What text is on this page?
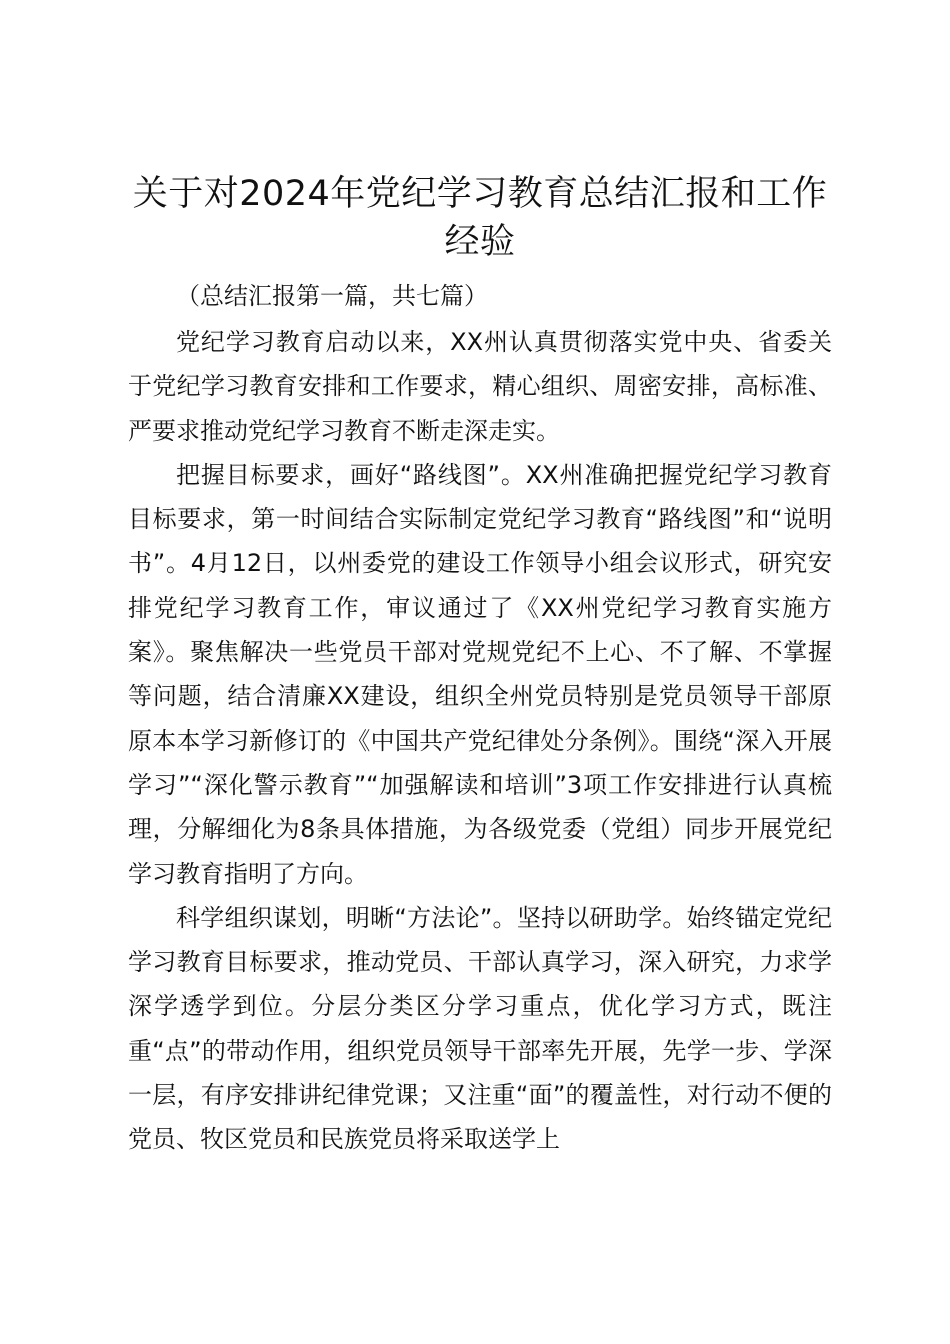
关于对2024年党纪学习教育总结汇报和工作经验

（总结汇报第一篇，共七篇）

党纪学习教育启动以来，XX州认真贯彻落实党中央、省委关于党纪学习教育安排和工作要求，精心组织、周密安排，高标准、严要求推动党纪学习教育不断走深走实。

把握目标要求，画好“路线图”。XX州准确把握党纪学习教育目标要求，第一时间结合实际制定党纪学习教育“路线图”和“说明书”。4月12日，以州委党的建设工作领导小组会议形式，研究安排党纪学习教育工作，审议通过了《XX州党纪学习教育实施方案》。聚焦解决一些党员干部对党规党纪不上心、不了解、不掌握等问题，结合清廉XX建设，组织全州党员特别是党员领导干部原原本本学习新修订的《中国共产党纪律处分条例》。围绕“深入开展学习”“深化警示教育”“加强解读和培训”3项工作安排进行认真梳理，分解细化为8条具体措施，为各级党委（党组）同步开展党纪学习教育指明了方向。

科学组织谋划，明晰“方法论”。坚持以研助学。始终锚定党纪学习教育目标要求，推动党员、干部认真学习，深入研究，力求学深学透学到位。分层分类区分学习重点，优化学习方式，既注重“点”的带动作用，组织党员领导干部率先开展，先学一步、学深一层，有序安排讲纪律党课；又注重“面”的覆盖性，对行动不便的党员、牧区党员和民族党员将采取送学上
